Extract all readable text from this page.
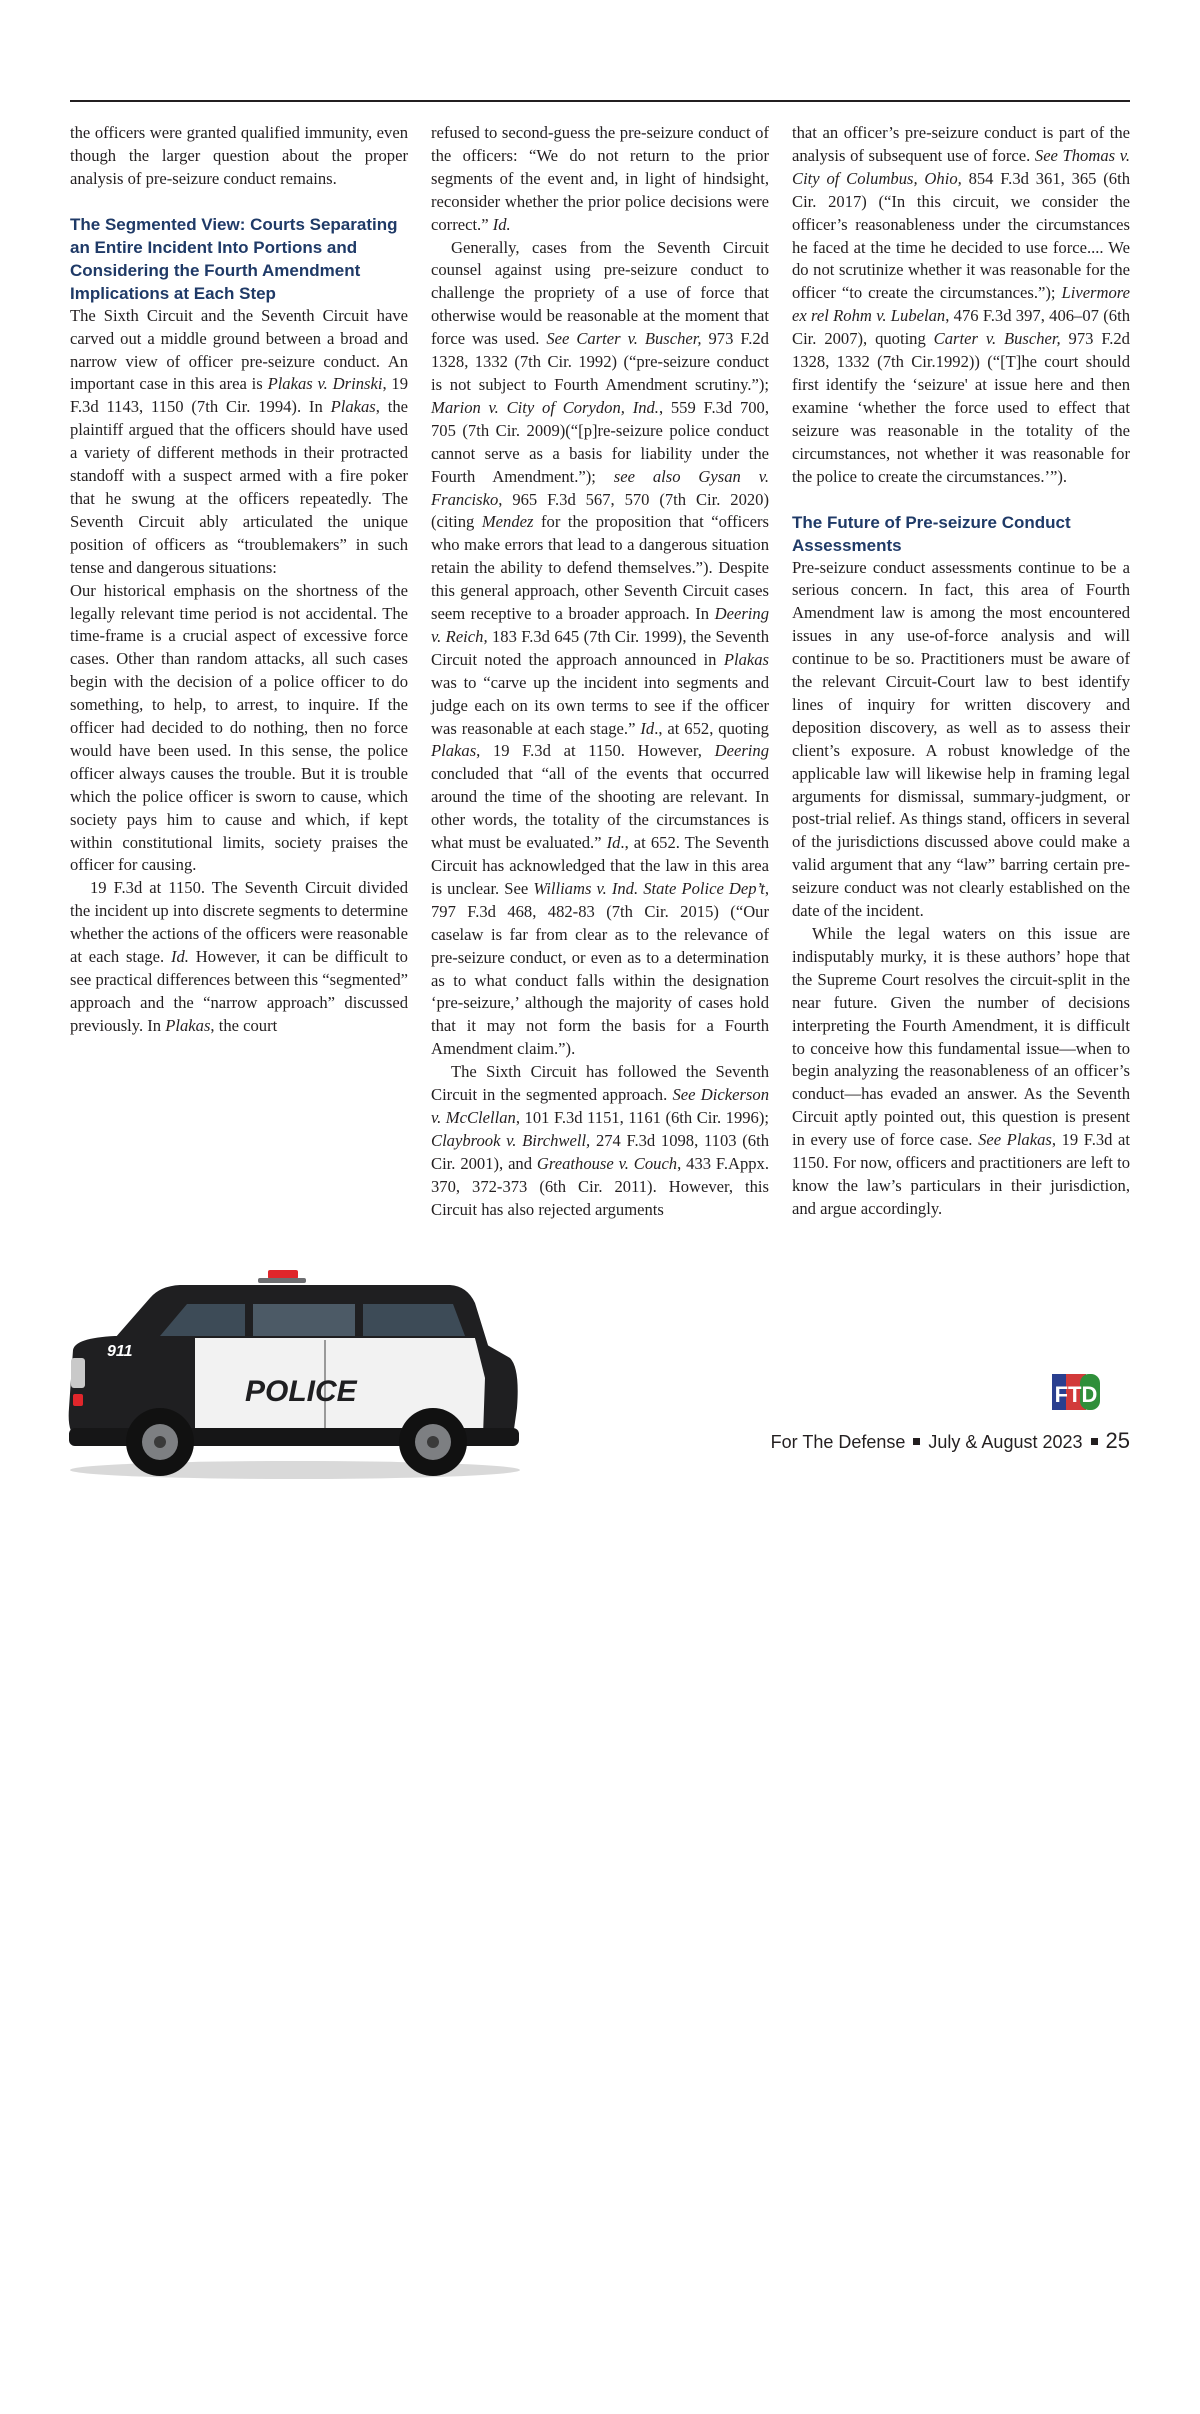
the officers were granted qualified immunity, even though the larger question about the proper analysis of pre-seizure conduct remains.

The Segmented View: Courts Separating an Entire Incident Into Portions and Considering the Fourth Amendment Implications at Each Step

The Sixth Circuit and the Seventh Circuit have carved out a middle ground between a broad and narrow view of officer pre-seizure conduct. An important case in this area is Plakas v. Drinski, 19 F.3d 1143, 1150 (7th Cir. 1994). In Plakas, the plaintiff argued that the officers should have used a variety of different methods in their protracted standoff with a suspect armed with a fire poker that he swung at the officers repeatedly. The Seventh Circuit ably articulated the unique position of officers as “troublemakers” in such tense and dangerous situations:

Our historical emphasis on the shortness of the legally relevant time period is not accidental. The time-frame is a crucial aspect of excessive force cases. Other than random attacks, all such cases begin with the decision of a police officer to do something, to help, to arrest, to inquire. If the officer had decided to do nothing, then no force would have been used. In this sense, the police officer always causes the trouble. But it is trouble which the police officer is sworn to cause, which society pays him to cause and which, if kept within constitutional limits, society praises the officer for causing.

19 F.3d at 1150. The Seventh Circuit divided the incident up into discrete segments to determine whether the actions of the officers were reasonable at each stage. Id. However, it can be difficult to see practical differences between this “segmented” approach and the “narrow approach” discussed previously. In Plakas, the court

refused to second-guess the pre-seizure conduct of the officers: “We do not return to the prior segments of the event and, in light of hindsight, reconsider whether the prior police decisions were correct.” Id.

Generally, cases from the Seventh Circuit counsel against using pre-seizure conduct to challenge the propriety of a use of force that otherwise would be reasonable at the moment that force was used. See Carter v. Buscher, 973 F.2d 1328, 1332 (7th Cir. 1992) (“pre-seizure conduct is not subject to Fourth Amendment scrutiny.”); Marion v. City of Corydon, Ind., 559 F.3d 700, 705 (7th Cir. 2009)(“[p]re-seizure police conduct cannot serve as a basis for liability under the Fourth Amendment.”); see also Gysan v. Francisko, 965 F.3d 567, 570 (7th Cir. 2020) (citing Mendez for the proposition that “officers who make errors that lead to a dangerous situation retain the ability to defend themselves.”). Despite this general approach, other Seventh Circuit cases seem receptive to a broader approach. In Deering v. Reich, 183 F.3d 645 (7th Cir. 1999), the Seventh Circuit noted the approach announced in Plakas was to “carve up the incident into segments and judge each on its own terms to see if the officer was reasonable at each stage.” Id., at 652, quoting Plakas, 19 F.3d at 1150. However, Deering concluded that “all of the events that occurred around the time of the shooting are relevant. In other words, the totality of the circumstances is what must be evaluated.” Id., at 652. The Seventh Circuit has acknowledged that the law in this area is unclear. See Williams v. Ind. State Police Dep’t, 797 F.3d 468, 482-83 (7th Cir. 2015) (“Our caselaw is far from clear as to the relevance of pre-seizure conduct, or even as to a determination as to what conduct falls within the designation ‘pre-seizure,’ although the majority of cases hold that it may not form the basis for a Fourth Amendment claim.”).

The Sixth Circuit has followed the Seventh Circuit in the segmented approach. See Dickerson v. McClellan, 101 F.3d 1151, 1161 (6th Cir. 1996); Claybrook v. Birchwell, 274 F.3d 1098, 1103 (6th Cir. 2001), and Greathouse v. Couch, 433 F.Appx. 370, 372-373 (6th Cir. 2011). However, this Circuit has also rejected arguments

that an officer’s pre-seizure conduct is part of the analysis of subsequent use of force. See Thomas v. City of Columbus, Ohio, 854 F.3d 361, 365 (6th Cir. 2017) (“In this circuit, we consider the officer’s reasonableness under the circumstances he faced at the time he decided to use force.... We do not scrutinize whether it was reasonable for the officer “to create the circumstances.”); Livermore ex rel Rohm v. Lubelan, 476 F.3d 397, 406–07 (6th Cir. 2007), quoting Carter v. Buscher, 973 F.2d 1328, 1332 (7th Cir.1992)) (“[T]he court should first identify the ‘seizure' at issue here and then examine ‘whether the force used to effect that seizure was reasonable in the totality of the circumstances, not whether it was reasonable for the police to create the circumstances.’”).

The Future of Pre-seizure Conduct Assessments

Pre-seizure conduct assessments continue to be a serious concern. In fact, this area of Fourth Amendment law is among the most encountered issues in any use-of-force analysis and will continue to be so. Practitioners must be aware of the relevant Circuit-Court law to best identify lines of inquiry for written discovery and deposition discovery, as well as to assess their client’s exposure. A robust knowledge of the applicable law will likewise help in framing legal arguments for dismissal, summary-judgment, or post-trial relief. As things stand, officers in several of the jurisdictions discussed above could make a valid argument that any “law” barring certain pre-seizure conduct was not clearly established on the date of the incident.

While the legal waters on this issue are indisputably murky, it is these authors’ hope that the Supreme Court resolves the circuit-split in the near future. Given the number of decisions interpreting the Fourth Amendment, it is difficult to conceive how this fundamental issue—when to begin analyzing the reasonableness of an officer’s conduct—has evaded an answer. As the Seventh Circuit aptly pointed out, this question is present in every use of force case. See Plakas, 19 F.3d at 1150. For now, officers and practitioners are left to know the law’s particulars in their jurisdiction, and argue accordingly.

911
POLICE	FTD
For The Defense July & August 2023 25
